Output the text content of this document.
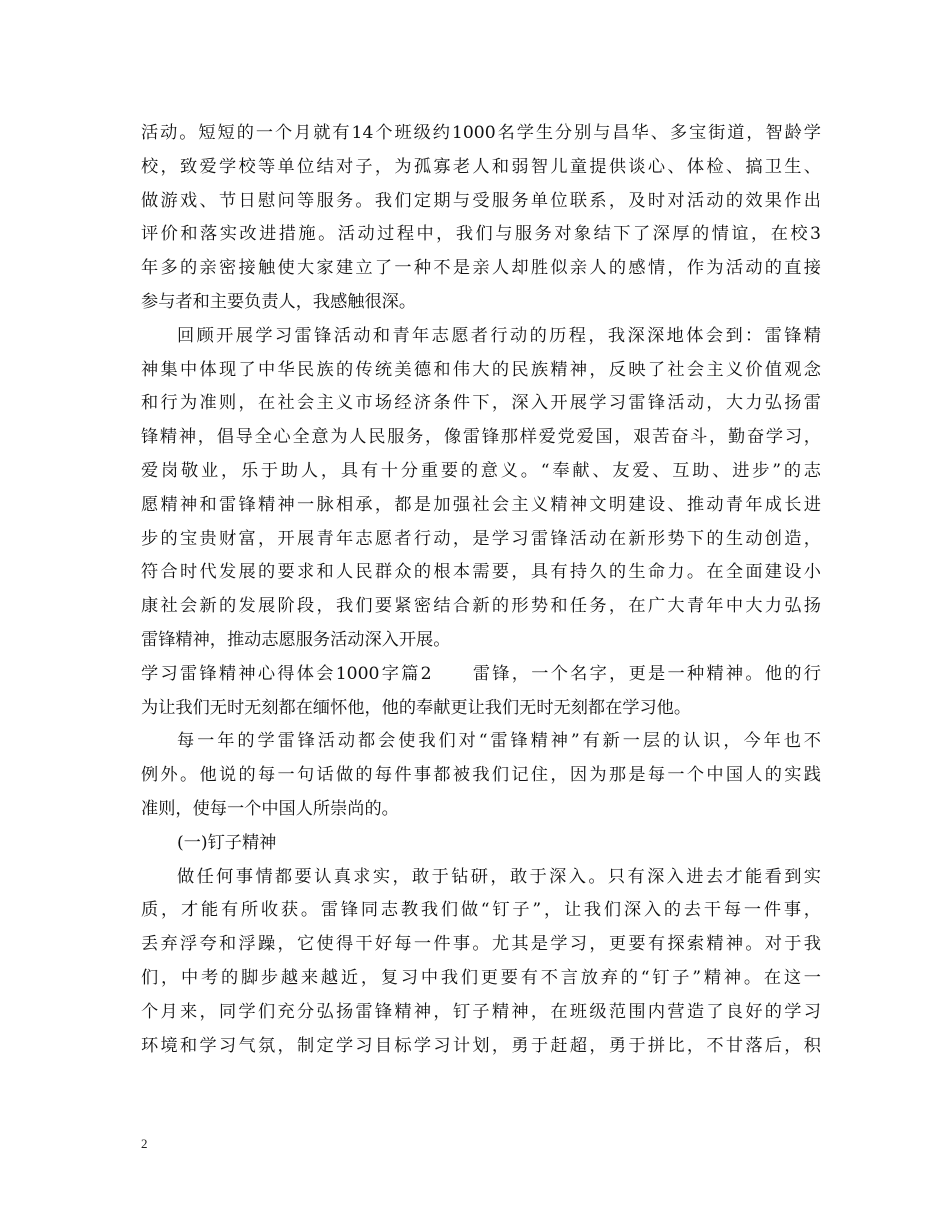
活动。短短的一个月就有14个班级约1000名学生分别与昌华、多宝街道，智龄学
校，致爱学校等单位结对子，为孤寡老人和弱智儿童提供谈心、体检、搞卫生、
做游戏、节日慰问等服务。我们定期与受服务单位联系，及时对活动的效果作出
评价和落实改进措施。活动过程中，我们与服务对象结下了深厚的情谊，在校3
年多的亲密接触使大家建立了一种不是亲人却胜似亲人的感情，作为活动的直接
参与者和主要负责人，我感触很深。
回顾开展学习雷锋活动和青年志愿者行动的历程，我深深地体会到：雷锋精
神集中体现了中华民族的传统美德和伟大的民族精神，反映了社会主义价值观念
和行为准则，在社会主义市场经济条件下，深入开展学习雷锋活动，大力弘扬雷
锋精神，倡导全心全意为人民服务，像雷锋那样爱党爱国，艰苦奋斗，勤奋学习，
爱岗敬业，乐于助人，具有十分重要的意义。“奉献、友爱、互助、进步”的志
愿精神和雷锋精神一脉相承，都是加强社会主义精神文明建设、推动青年成长进
步的宝贵财富，开展青年志愿者行动，是学习雷锋活动在新形势下的生动创造，
符合时代发展的要求和人民群众的根本需要，具有持久的生命力。在全面建设小
康社会新的发展阶段，我们要紧密结合新的形势和任务，在广大青年中大力弘扬
雷锋精神，推动志愿服务活动深入开展。
学习雷锋精神心得体会1000字篇2　　雷锋，一个名字，更是一种精神。他的行
为让我们无时无刻都在缅怀他，他的奉献更让我们无时无刻都在学习他。
每一年的学雷锋活动都会使我们对“雷锋精神”有新一层的认识，今年也不
例外。他说的每一句话做的每件事都被我们记住，因为那是每一个中国人的实践
准则，使每一个中国人所崇尚的。
(一)钉子精神
做任何事情都要认真求实，敢于钻研，敢于深入。只有深入进去才能看到实
质，才能有所收获。雷锋同志教我们做“钉子”，让我们深入的去干每一件事，
丢弃浮夸和浮躁，它使得干好每一件事。尤其是学习，更要有探索精神。对于我
们，中考的脚步越来越近，复习中我们更要有不言放弃的“钉子”精神。在这一
个月来，同学们充分弘扬雷锋精神，钉子精神，在班级范围内营造了良好的学习
环境和学习气氛，制定学习目标学习计划，勇于赶超，勇于拼比，不甘落后，积
2
